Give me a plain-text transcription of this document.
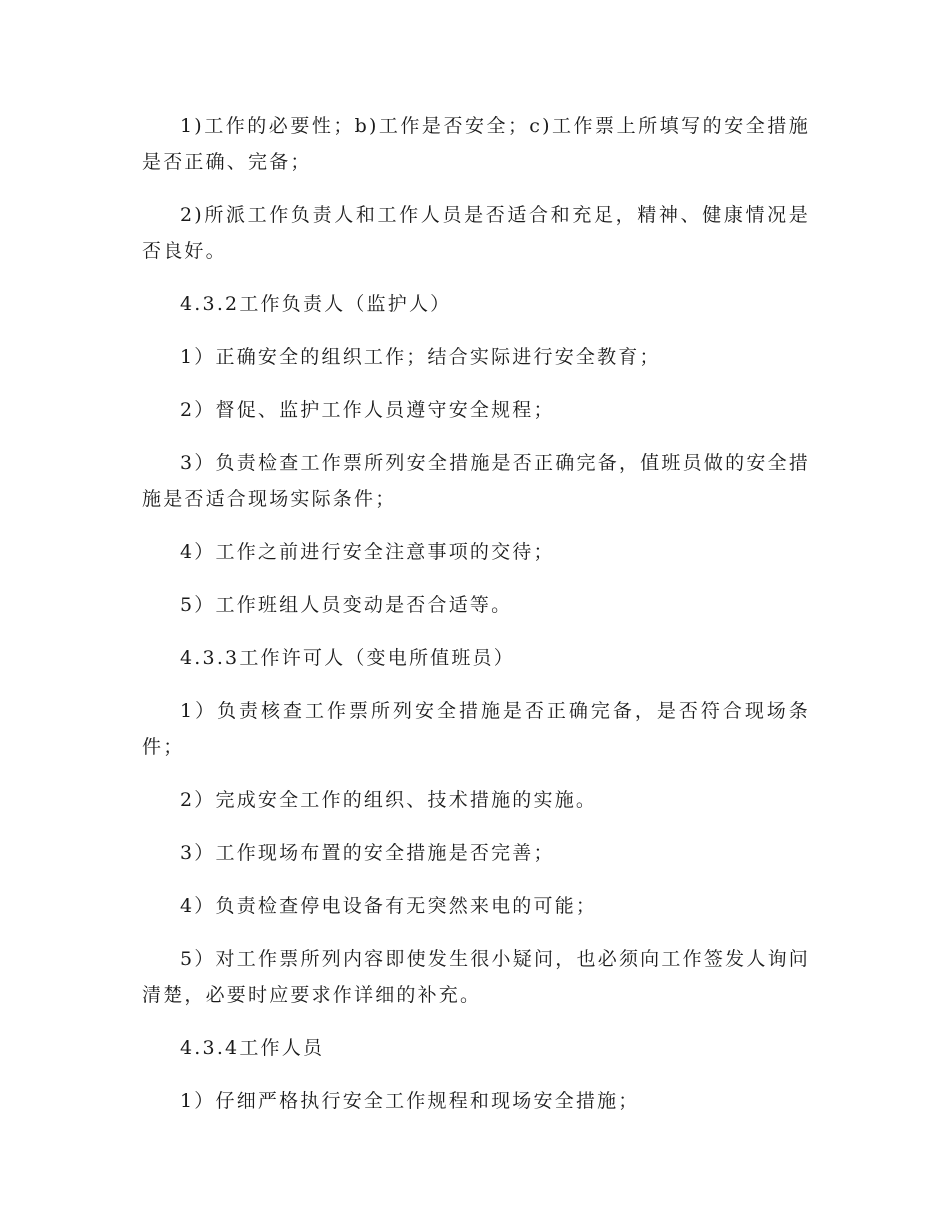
1)工作的必要性；b)工作是否安全；c)工作票上所填写的安全措施是否正确、完备；

2)所派工作负责人和工作人员是否适合和充足，精神、健康情况是否良好。

4.3.2工作负责人（监护人）

1）正确安全的组织工作；结合实际进行安全教育；

2）督促、监护工作人员遵守安全规程；

3）负责检查工作票所列安全措施是否正确完备，值班员做的安全措施是否适合现场实际条件；

4）工作之前进行安全注意事项的交待；

5）工作班组人员变动是否合适等。

4.3.3工作许可人（变电所值班员）

1）负责核查工作票所列安全措施是否正确完备，是否符合现场条件；

2）完成安全工作的组织、技术措施的实施。

3）工作现场布置的安全措施是否完善；

4）负责检查停电设备有无突然来电的可能；

5）对工作票所列内容即使发生很小疑问，也必须向工作签发人询问清楚，必要时应要求作详细的补充。

4.3.4工作人员

1）仔细严格执行安全工作规程和现场安全措施；
